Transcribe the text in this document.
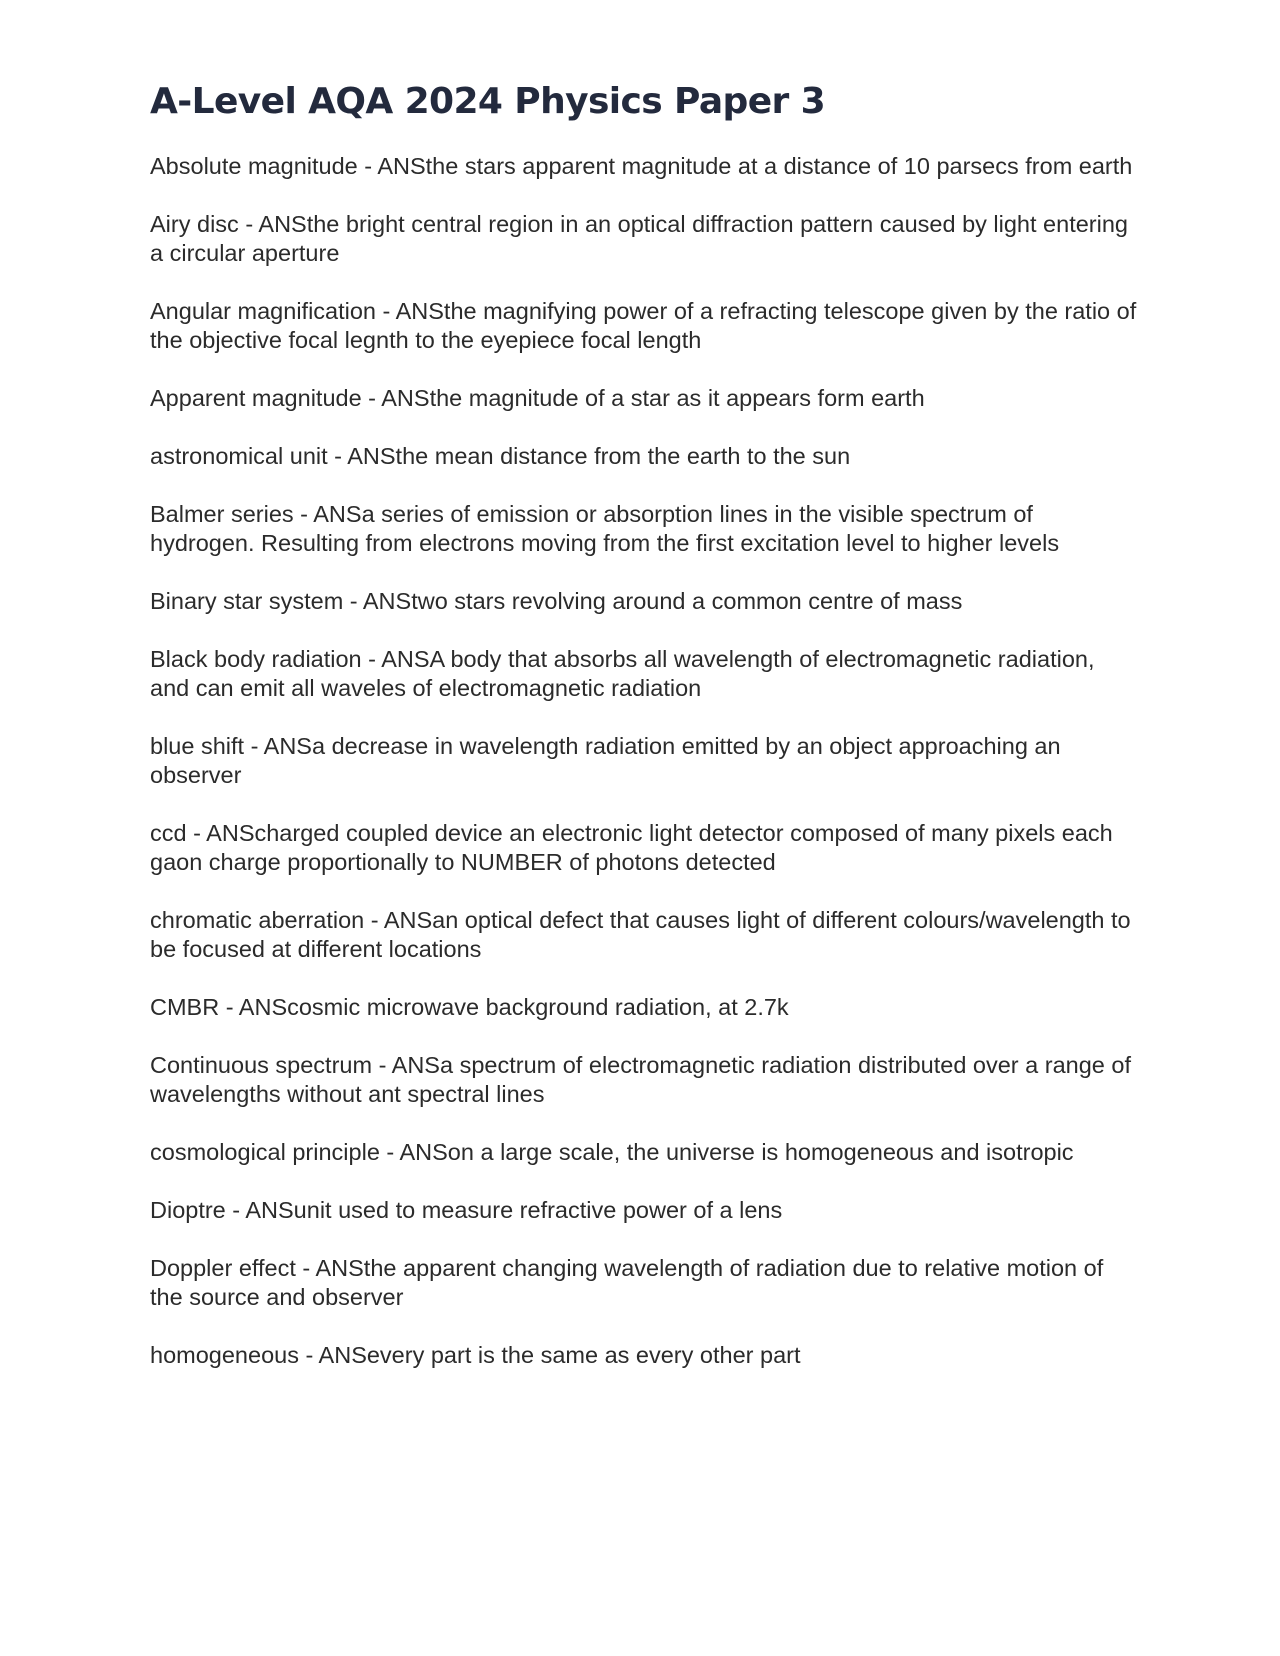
A-Level AQA 2024 Physics Paper 3
Absolute magnitude - ANSthe stars apparent magnitude at a distance of 10 parsecs from earth
Airy disc - ANSthe bright central region in an optical diffraction pattern caused by light entering a circular aperture
Angular magnification - ANSthe magnifying power of a refracting telescope given by the ratio of the objective focal legnth to the eyepiece focal length
Apparent magnitude - ANSthe magnitude of a star as it appears form earth
astronomical unit - ANSthe mean distance from the earth to the sun
Balmer series - ANSa series of emission or absorption lines in the visible spectrum of hydrogen. Resulting from electrons moving from the first excitation level to higher levels
Binary star system - ANStwo stars revolving around a common centre of mass
Black body radiation - ANSA body that absorbs all wavelength of electromagnetic radiation, and can emit all waveles of electromagnetic radiation
blue shift - ANSa decrease in wavelength radiation emitted by an object approaching an observer
ccd - ANScharged coupled device an electronic light detector composed of many pixels each gaon charge proportionally to NUMBER of photons detected
chromatic aberration - ANSan optical defect that causes light of different colours/wavelength to be focused at different locations
CMBR - ANScosmic microwave background radiation, at 2.7k
Continuous spectrum - ANSa spectrum of electromagnetic radiation distributed over a range of wavelengths without ant spectral lines
cosmological principle - ANSon a large scale, the universe is homogeneous and isotropic
Dioptre - ANSunit used to measure refractive power of a lens
Doppler effect - ANSthe apparent changing wavelength of radiation due to relative motion of the source and observer
homogeneous - ANSevery part is the same as every other part
